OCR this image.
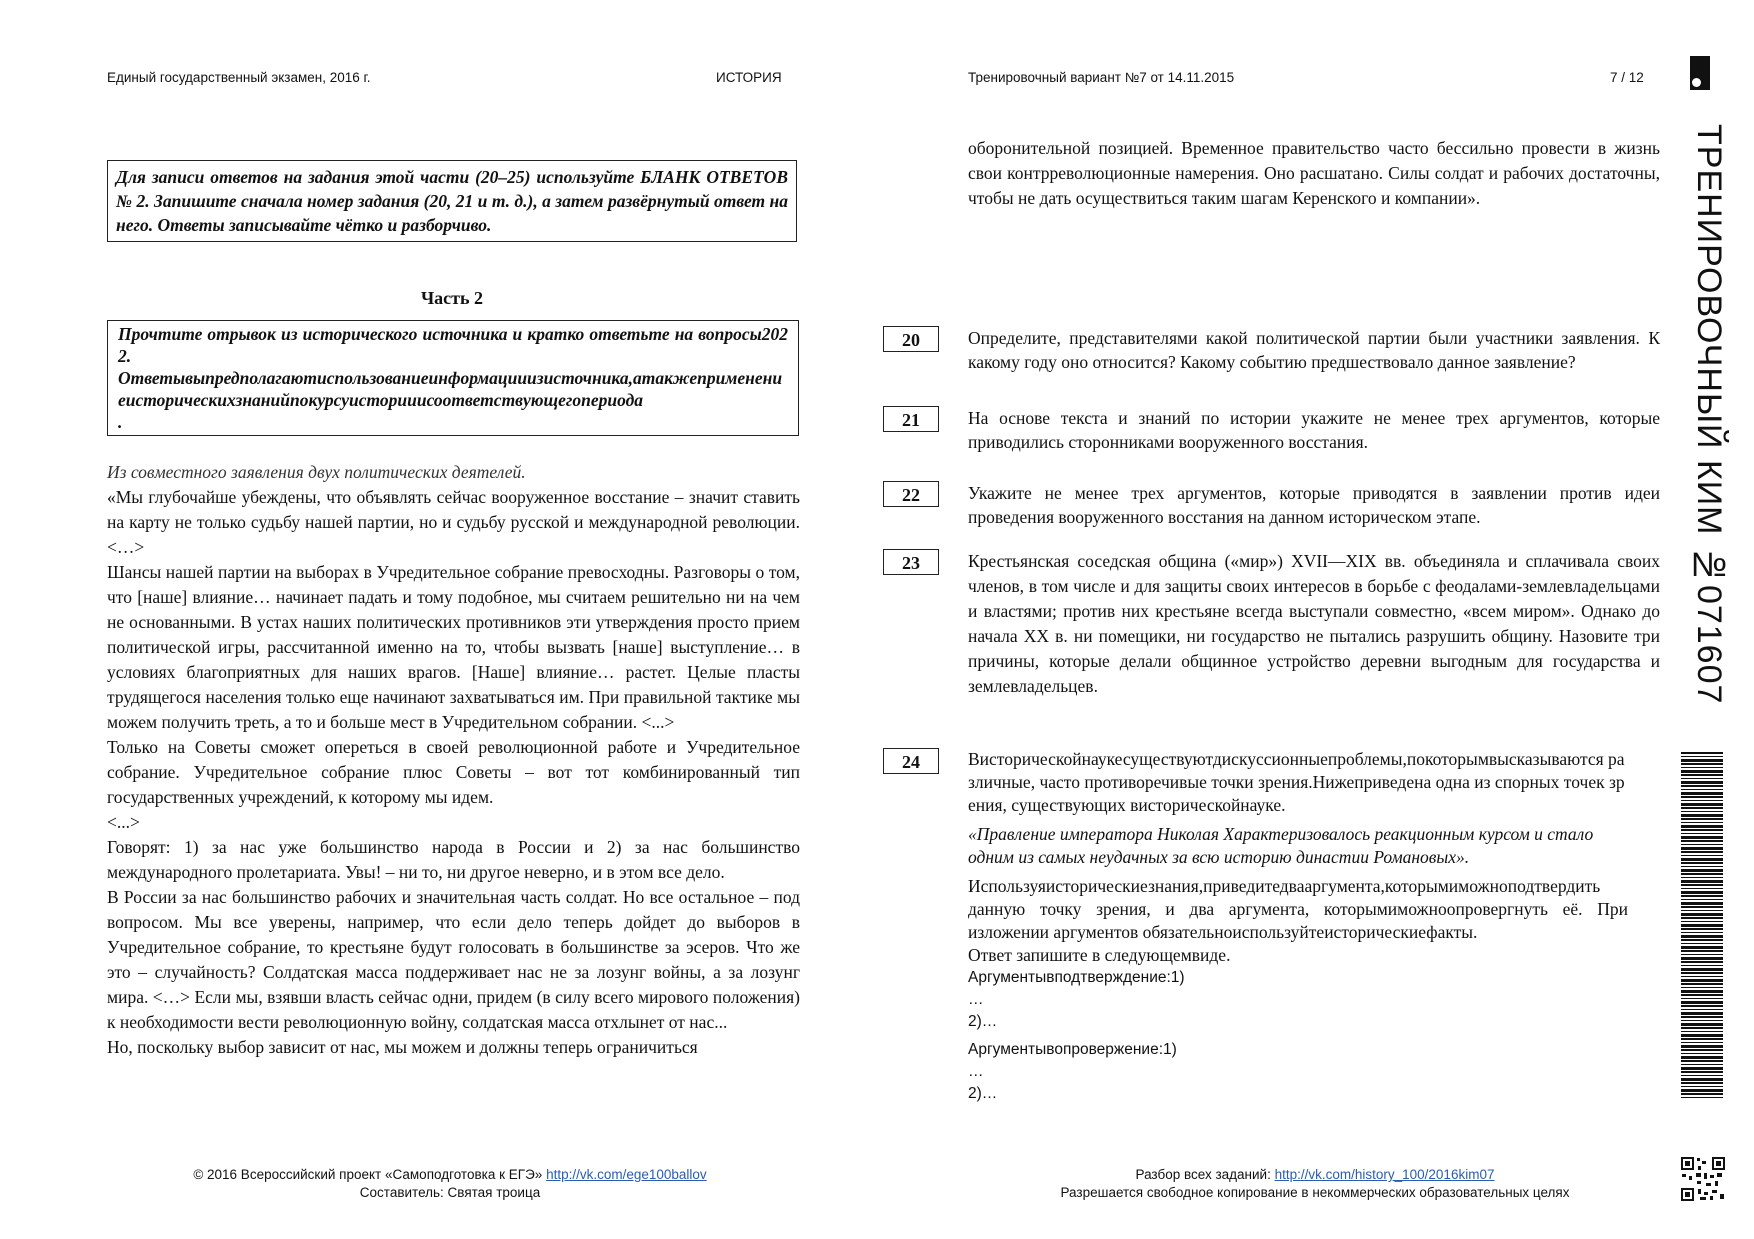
Единый государственный экзамен, 2016 г.	ИСТОРИЯ	Тренировочный вариант №7 от 14.11.2015	7 / 12
ТРЕНИРОВОЧНЫЙ КИМ №071607
Для записи ответов на задания этой части (20–25) используйте БЛАНК ОТВЕТОВ № 2. Запишите сначала номер задания (20, 21 и т. д.), а затем развёрнутый ответ на него. Ответы записывайте чётко и разборчиво.
Часть 2
Прочтите отрывок из исторического источника и кратко ответьте на вопросы2022.
Ответывыпредполагаютиспользованиеинформацииизисточника,атакжеприменениеисторическихзнанийпокурсуисторииисоответствующегопериода
.
Из совместного заявления двух политических деятелей.

«Мы глубочайше убеждены, что объявлять сейчас вооруженное восстание – значит ставить на карту не только судьбу нашей партии, но и судьбу русской и международной революции. <…>

Шансы нашей партии на выборах в Учредительное собрание превосходны. Разговоры о том, что [наше] влияние… начинает падать и тому подобное, мы считаем решительно ни на чем не основанными. В устах наших политических противников эти утверждения просто прием политической игры, рассчитанной именно на то, чтобы вызвать [наше] выступление… в условиях благоприятных для наших врагов. [Наше] влияние… растет. Целые пласты трудящегося населения только еще начинают захватываться им. При правильной тактике мы можем получить треть, а то и больше мест в Учредительном собрании. <...>

Только на Советы сможет опереться в своей революционной работе и Учредительное собрание. Учредительное собрание плюс Советы – вот тот комбинированный тип государственных учреждений, к которому мы идем.

<...>

Говорят: 1) за нас уже большинство народа в России и 2) за нас большинство международного пролетариата. Увы! – ни то, ни другое неверно, и в этом все дело.

В России за нас большинство рабочих и значительная часть солдат. Но все остальное – под вопросом. Мы все уверены, например, что если дело теперь дойдет до выборов в Учредительное собрание, то крестьяне будут голосовать в большинстве за эсеров. Что же это – случайность? Солдатская масса поддерживает нас не за лозунг войны, а за лозунг мира. <…> Если мы, взявши власть сейчас одни, придем (в силу всего мирового положения) к необходимости вести революционную войну, солдатская масса отхлынет от нас...

Но, поскольку выбор зависит от нас, мы можем и должны теперь ограничиться

оборонительной позицией. Временное правительство часто бессильно провести в жизнь свои контрреволюционные намерения. Оно расшатано. Силы солдат и рабочих достаточны, чтобы не дать осуществиться таким шагам Керенского и компании».
20	Определите, представителями какой политической партии были участники заявления. К какому году оно относится? Какому событию предшествовало данное заявление?
21	На основе текста и знаний по истории укажите не менее трех аргументов, которые приводились сторонниками вооруженного восстания.
22	Укажите не менее трех аргументов, которые приводятся в заявлении против идеи проведения вооруженного восстания на данном историческом этапе.
23	Крестьянская соседская община («мир») XVII—XIX вв. объединяла и сплачивала своих членов, в том числе и для защиты своих интересов в борьбе с феодалами-землевладельцами и властями; против них крестьяне всегда выступали совместно, «всем миром». Однако до начала XX в. ни помещики, ни государство не пытались разрушить общину. Назовите три причины, которые делали общинное устройство деревни выгодным для государства и землевладельцев.
24	Висторическойнаукесуществуютдискуссионныепроблемы,покоторымвысказываются различные, часто противоречивые точки зрения.Нижеприведена одна из спорных точек зрения, существующих висторическойнауке.

«Правление императора Николая Характеризовалось реакционным курсом и стало одним из самых неудачных за всю историю династии Романовых».

Используяисторическиезнания,приведитедвааргумента,которымиможноподтвердить данную точку зрения, и два аргумента, которымиможноопровергнуть её. При изложении аргументов обязательноиспользуйтеисторическиефакты.

Ответ запишите в следующемвиде.

Аргументывподтверждение:1)

…

2)…

Аргументывопровержение:1)

…

2)…

© 2016 Всероссийский проект «Самоподготовка к ЕГЭ» http://vk.com/ege100ballov
Составитель: Святая троица
Разбор всех заданий: http://vk.com/history_100/2016kim07
Разрешается свободное копирование в некоммерческих образовательных целях
